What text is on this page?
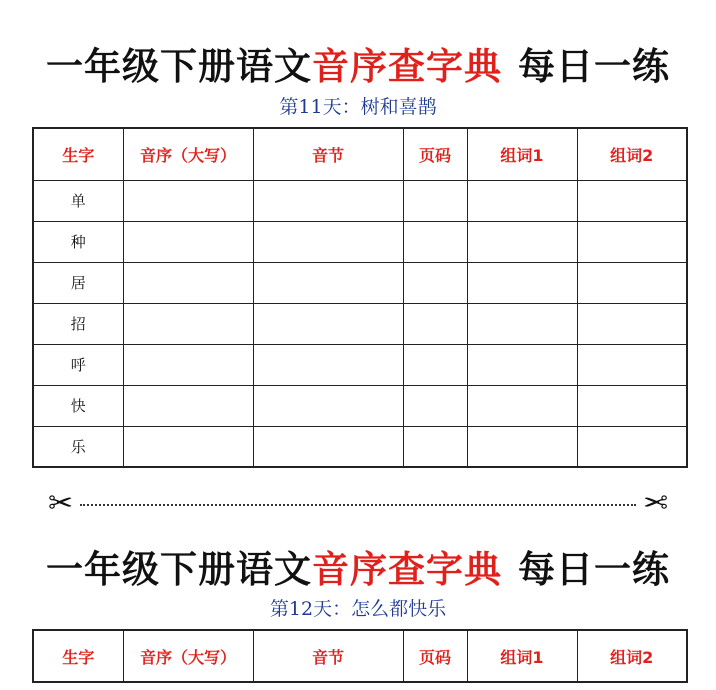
一年级下册语文音序查字典 每日一练
第11天：树和喜鹊
生字	音序（大写）	音节	页码	组词1	组词2
单					
种					
居					
招					
呼					
快					
乐					
✂	✂
一年级下册语文音序查字典 每日一练
第12天：怎么都快乐
生字	音序（大写）	音节	页码	组词1	组词2
